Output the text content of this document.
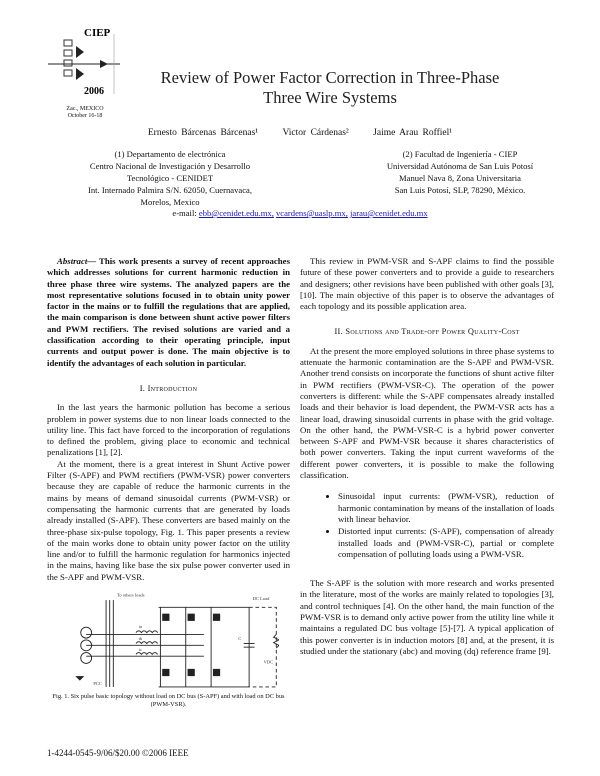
CIEP
2006
Zac., MEXICO
October 16-18
Review of Power Factor Correction in Three-Phase
Three Wire Systems
Ernesto Bárcenas Bárcenas¹	Victor Cárdenas²	Jaime Arau Roffiel¹
(1) Departamento de electrónica
Centro Nacional de Investigación y Desarrollo
Tecnológico - CENIDET
Int. Internado Palmira S/N. 62050, Cuernavaca,
Morelos, Mexico
(2) Facultad de Ingeniería - CIEP
Universidad Autónoma de San Luis Potosí
Manuel Nava 8, Zona Universitaria
San Luis Potosí, SLP, 78290, México.
e-mail: ebb@cenidet.edu.mx, vcardens@uaslp.mx, jarau@cenidet.edu.mx

Abstract— This work presents a survey of recent approaches which addresses solutions for current harmonic reduction in three phase three wire systems. The analyzed papers are the most representative solutions focused in to obtain unity power factor in the mains or to fulfill the regulations that are applied, the main comparison is done between shunt active power filters and PWM rectifiers. The revised solutions are varied and a classification according to their operating principle, input currents and output power is done. The main objective is to identify the advantages of each solution in particular.

I. Introduction

In the last years the harmonic pollution has become a serious problem in power systems due to non linear loads connected to the utility line. This fact have forced to the incorporation of regulations to defined the problem, giving place to economic and technical penalizations [1], [2].

At the moment, there is a great interest in Shunt Active power Filter (S-APF) and PWM rectifiers (PWM-VSR) power converters because they are capable of reduce the harmonic currents in the mains by means of demand sinusoidal currents (PWM-VSR) or compensating the harmonic currents that are generated by loads already installed (S-APF). These converters are based mainly on the three-phase six-pulse topology, Fig. 1. This paper presents a review of the main works done to obtain unity power factor on the utility line and/or to fulfill the harmonic regulation for harmonics injected in the mains, having like base the six pulse power converter used in the S-APF and PWM-VSR.

To others loads
DC Load
VDC
PCC
ia
ib
ic
C
Fig. 1. Six pulse basic topology without load on DC bus (S-APF) and with load on DC bus (PWM-VSR).

This review in PWM-VSR and S-APF claims to find the possible future of these power converters and to provide a guide to researchers and designers; other revisions have been published with other goals [3], [10]. The main objective of this paper is to observe the advantages of each topology and its possible application area.

II. Solutions and Trade-off Power Quality-Cost

At the present the more employed solutions in three phase systems to attenuate the harmonic contamination are the S-APF and PWM-VSR. Another trend consists on incorporate the functions of shunt active filter in PWM rectifiers (PWM-VSR-C). The operation of the power converters is different: while the S-APF compensates already installed loads and their behavior is load dependent, the PWM-VSR acts has a linear load, drawing sinusoidal currents in phase with the grid voltage. On the other hand, the PWM-VSR-C is a hybrid power converter between S-APF and PWM-VSR because it shares characteristics of both power converters. Taking the input current waveforms of the different power converters, it is possible to make the following classification.

• Sinusoidal input currents: (PWM-VSR), reduction of harmonic contamination by means of the installation of loads with linear behavior.
• Distorted input currents: (S-APF), compensation of already installed loads and (PWM-VSR-C), partial or complete compensation of polluting loads using a PWM-VSR.

The S-APF is the solution with more research and works presented in the literature, most of the works are mainly related to topologies [3], and control techniques [4]. On the other hand, the main function of the PWM-VSR is to demand only active power from the utility line while it maintains a regulated DC bus voltage [5]-[7]. A typical application of this power converter is in induction motors [8] and, at the present, it is studied under the stationary (abc) and moving (dq) reference frame [9].

1-4244-0545-9/06/$20.00 ©2006 IEEE
